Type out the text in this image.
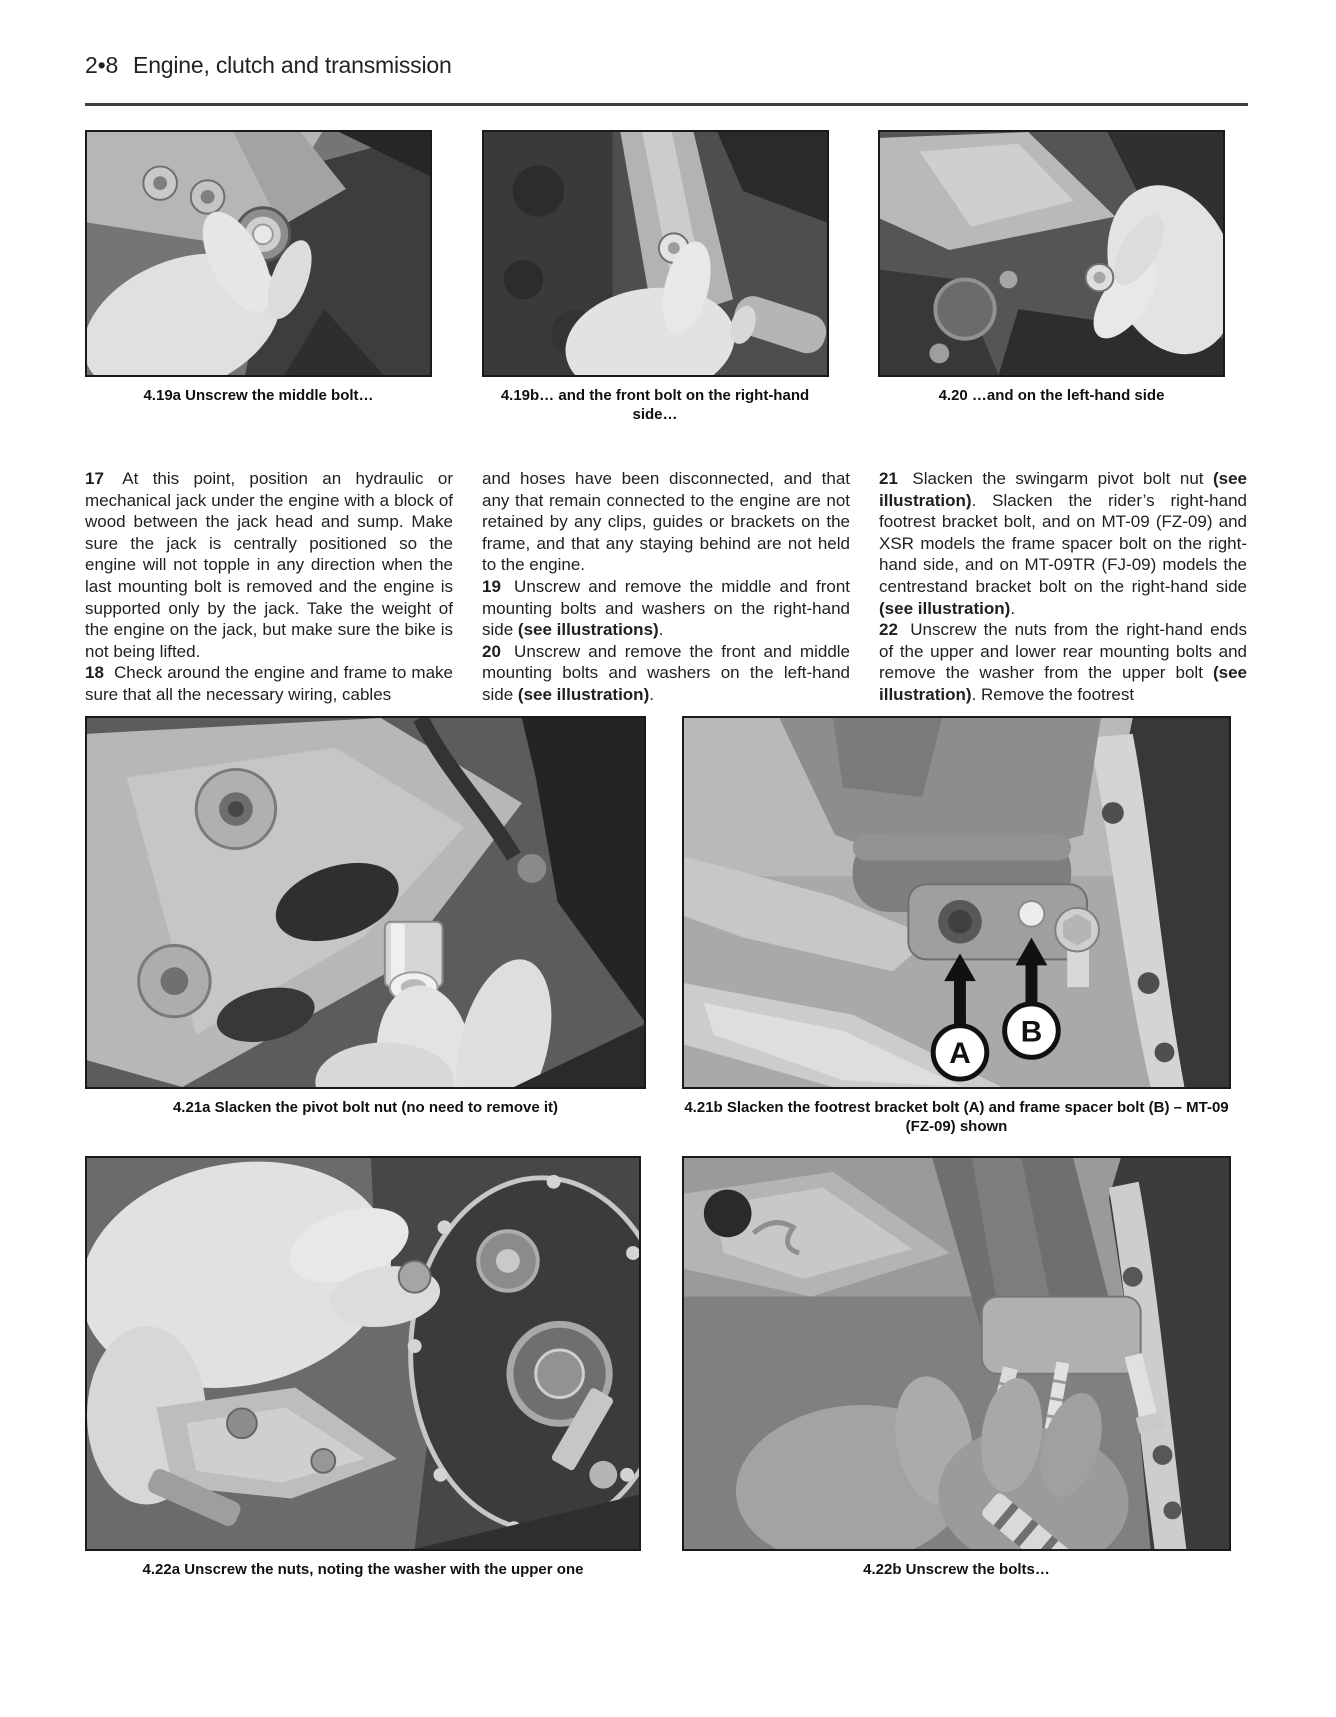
2•8 Engine, clutch and transmission
4.19a Unscrew the middle bolt…	4.19b… and the front bolt on the right-hand side…
4.20 …and on the left-hand side

17 At this point, position an hydraulic or mechanical jack under the engine with a block of wood between the jack head and sump. Make sure the jack is centrally positioned so the engine will not topple in any direction when the last mounting bolt is removed and the engine is supported only by the jack. Take the weight of the engine on the jack, but make sure the bike is not being lifted.

18 Check around the engine and frame to make sure that all the necessary wiring, cables

and hoses have been disconnected, and that any that remain connected to the engine are not retained by any clips, guides or brackets on the frame, and that any staying behind are not held to the engine.

19 Unscrew and remove the middle and front mounting bolts and washers on the right-hand side (see illustrations).

20 Unscrew and remove the front and middle mounting bolts and washers on the left-hand side (see illustration).

21 Slacken the swingarm pivot bolt nut (see illustration). Slacken the rider’s right-hand footrest bracket bolt, and on MT-09 (FZ-09) and XSR models the frame spacer bolt on the right-hand side, and on MT-09TR (FJ-09) models the centrestand bracket bolt on the right-hand side (see illustration).

22 Unscrew the nuts from the right-hand ends of the upper and lower rear mounting bolts and remove the washer from the upper bolt (see illustration). Remove the footrest

4.21a Slacken the pivot bolt nut (no need to remove it)
A
B
4.21b Slacken the footrest bracket bolt (A) and frame spacer bolt (B) – MT-09 (FZ-09) shown
4.22a Unscrew the nuts, noting the washer with the upper one	4.22b Unscrew the bolts…
